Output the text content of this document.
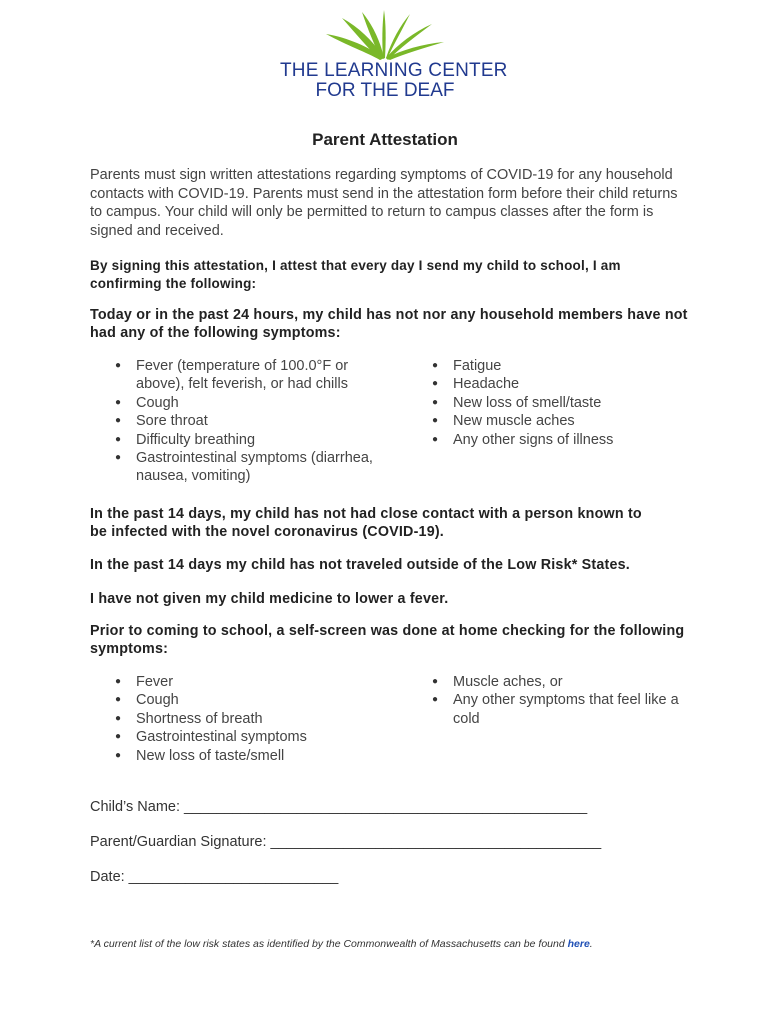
THE LEARNING CENTER
FOR THE DEAF
Parent Attestation

Parents must sign written attestations regarding symptoms of COVID-19 for any household contacts with COVID-19. Parents must send in the attestation form before their child returns to campus. Your child will only be permitted to return to campus classes after the form is signed and received.

By signing this attestation, I attest that every day I send my child to school, I am confirming the following:

Today or in the past 24 hours, my child has not nor any household members have not had any of the following symptoms:

● Fever (temperature of 100.0°F or above), felt feverish, or had chills
● Cough
● Sore throat
● Difficulty breathing
● Gastrointestinal symptoms (diarrhea, nausea, vomiting)
● Fatigue
● Headache
● New loss of smell/taste
● New muscle aches
● Any other signs of illness

In the past 14 days, my child has not had close contact with a person known to be infected with the novel coronavirus (COVID-19).

In the past 14 days my child has not traveled outside of the Low Risk* States.

I have not given my child medicine to lower a fever.

Prior to coming to school, a self-screen was done at home checking for the following symptoms:

● Fever
● Cough
● Shortness of breath
● Gastrointestinal symptoms
● New loss of taste/smell
● Muscle aches, or
● Any other symptoms that feel like a cold

Child’s Name: __________________________________________________

Parent/Guardian Signature: _________________________________________

Date: __________________________

*A current list of the low risk states as identified by the Commonwealth of Massachusetts can be found here.
